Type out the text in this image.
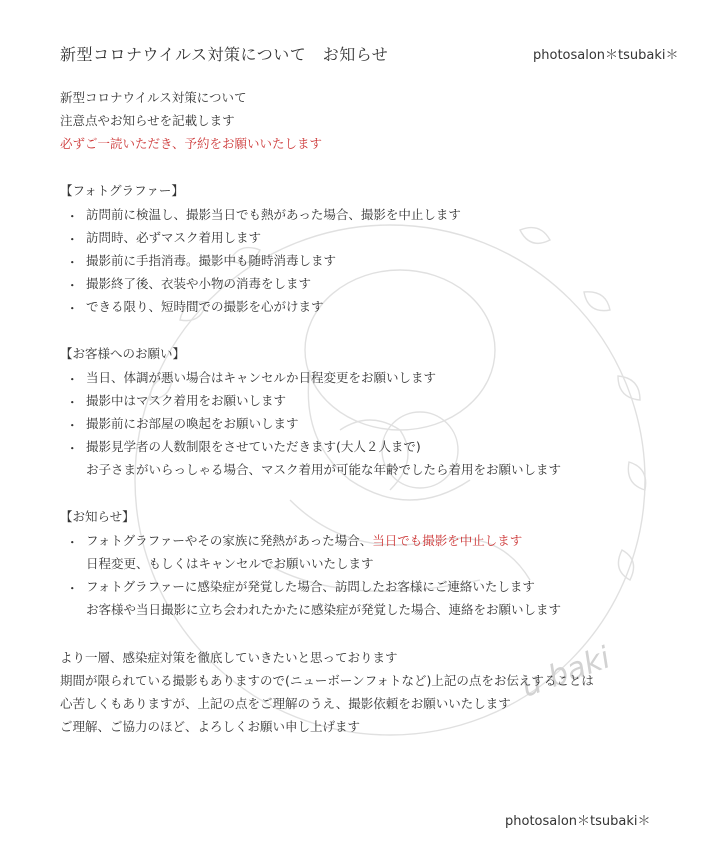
u baki
新型コロナウイルス対策について　お知らせ	photosalon＊tsubaki＊
新型コロナウイルス対策について
注意点やお知らせを記載します
必ずご一読いただき、予約をお願いいたします
【フォトグラファー】
・ 訪問前に検温し、撮影当日でも熱があった場合、撮影を中止します
・ 訪問時、必ずマスク着用します
・ 撮影前に手指消毒。撮影中も随時消毒します
・ 撮影終了後、衣装や小物の消毒をします
・ できる限り、短時間での撮影を心がけます
【お客様へのお願い】
・ 当日、体調が悪い場合はキャンセルか日程変更をお願いします
・ 撮影中はマスク着用をお願いします
・ 撮影前にお部屋の喚起をお願いします
・ 撮影見学者の人数制限をさせていただきます(大人２人まで)
お子さまがいらっしゃる場合、マスク着用が可能な年齢でしたら着用をお願いします
【お知らせ】
・ フォトグラファーやその家族に発熱があった場合、当日でも撮影を中止します
日程変更、もしくはキャンセルでお願いいたします
・ フォトグラファーに感染症が発覚した場合、訪問したお客様にご連絡いたします
お客様や当日撮影に立ち会われたかたに感染症が発覚した場合、連絡をお願いします
より一層、感染症対策を徹底していきたいと思っております
期間が限られている撮影もありますので(ニューボーンフォトなど)上記の点をお伝えすることは
心苦しくもありますが、上記の点をご理解のうえ、撮影依頼をお願いいたします
ご理解、ご協力のほど、よろしくお願い申し上げます
photosalon＊tsubaki＊
